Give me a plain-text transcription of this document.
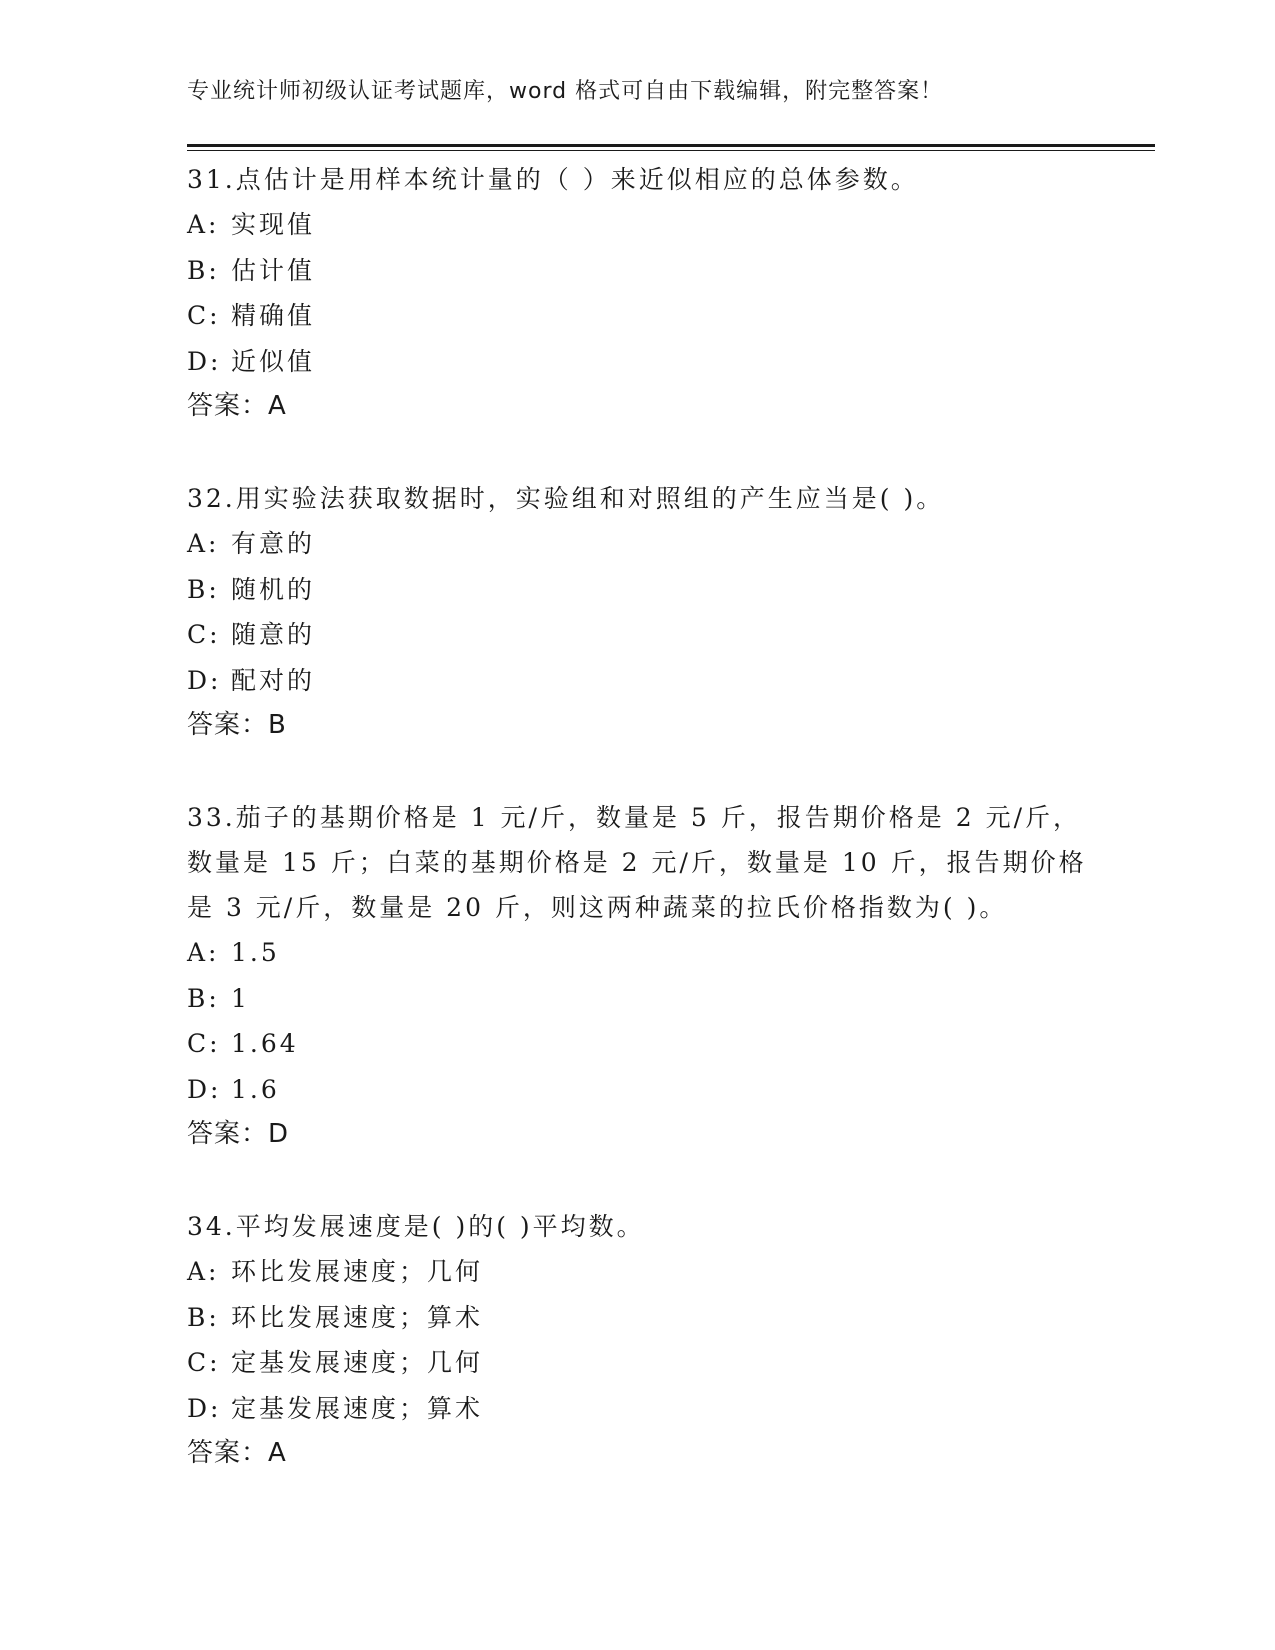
专业统计师初级认证考试题库，word 格式可自由下载编辑，附完整答案！
31.点估计是用样本统计量的（ ）来近似相应的总体参数。
A: 实现值
B: 估计值
C: 精确值
D: 近似值
答案：A
32.用实验法获取数据时，实验组和对照组的产生应当是( )。
A: 有意的
B: 随机的
C: 随意的
D: 配对的
答案：B
33.茄子的基期价格是 1 元/斤，数量是 5 斤，报告期价格是 2 元/斤，
数量是 15 斤；白菜的基期价格是 2 元/斤，数量是 10 斤，报告期价格
是 3 元/斤，数量是 20 斤，则这两种蔬菜的拉氏价格指数为( )。
A: 1.5
B: 1
C: 1.64
D: 1.6
答案：D
34.平均发展速度是( )的( )平均数。
A: 环比发展速度；几何
B: 环比发展速度；算术
C: 定基发展速度；几何
D: 定基发展速度；算术
答案：A
